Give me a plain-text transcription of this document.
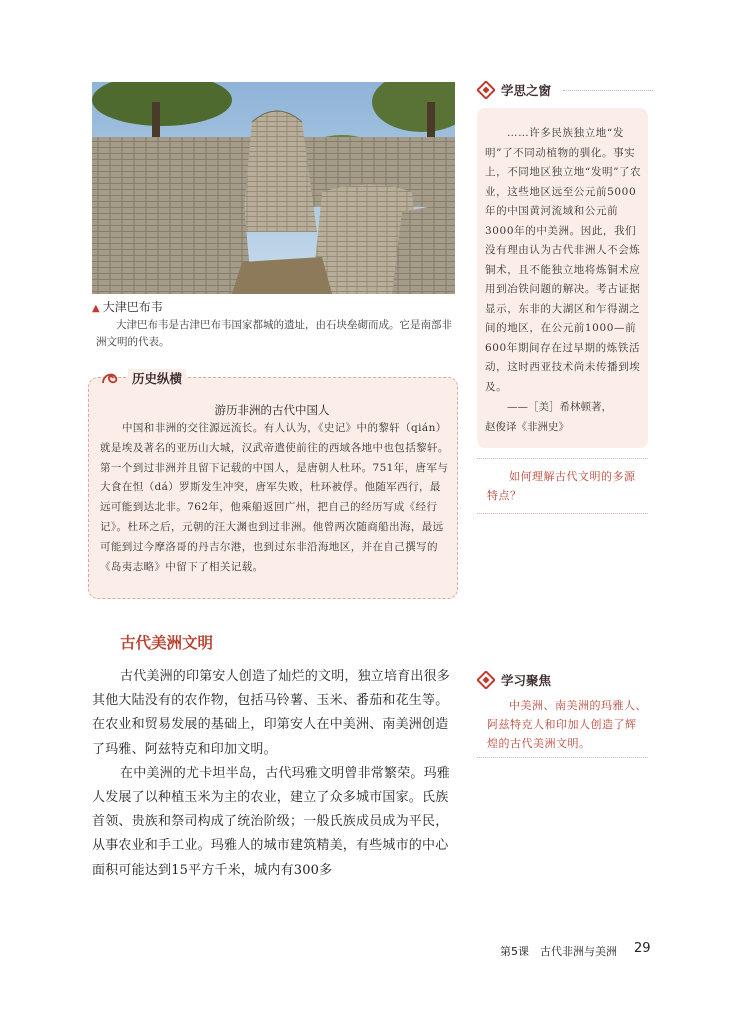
▲ 大津巴布韦
大津巴布韦是古津巴布韦国家都城的遗址，由石块垒砌而成。它是南部非洲文明的代表。
历史纵横
游历非洲的古代中国人

中国和非洲的交往源远流长。有人认为，《史记》中的黎轩（qián）就是埃及著名的亚历山大城，汉武帝遣使前往的西域各地中也包括黎轩。第一个到过非洲并且留下记载的中国人，是唐朝人杜环。751年，唐军与大食在怛（dá）罗斯发生冲突，唐军失败，杜环被俘。他随军西行，最远可能到达北非。762年，他乘船返回广州，把自己的经历写成《经行记》。杜环之后，元朝的汪大渊也到过非洲。他曾两次随商船出海，最远可能到过今摩洛哥的丹吉尔港，也到过东非沿海地区，并在自己撰写的《岛夷志略》中留下了相关记载。

古代美洲文明

古代美洲的印第安人创造了灿烂的文明，独立培育出很多其他大陆没有的农作物，包括马铃薯、玉米、番茄和花生等。在农业和贸易发展的基础上，印第安人在中美洲、南美洲创造了玛雅、阿兹特克和印加文明。

在中美洲的尤卡坦半岛，古代玛雅文明曾非常繁荣。玛雅人发展了以种植玉米为主的农业，建立了众多城市国家。氏族首领、贵族和祭司构成了统治阶级；一般氏族成员成为平民，从事农业和手工业。玛雅人的城市建筑精美，有些城市的中心面积可能达到15平方千米，城内有300多

学思之窗

……许多民族独立地“发明”了不同动植物的驯化。事实上，不同地区独立地“发明”了农业，这些地区远至公元前5000年的中国黄河流域和公元前3000年的中美洲。因此，我们没有理由认为古代非洲人不会炼铜术，且不能独立地将炼铜术应用到冶铁问题的解决。考古证据显示，东非的大湖区和乍得湖之间的地区，在公元前1000—前600年期间存在过早期的炼铁活动，这时西亚技术尚未传播到埃及。

——［美］希林顿著，
赵俊译《非洲史》
如何理解古代文明的多源特点？
学习聚焦
中美洲、南美洲的玛雅人、阿兹特克人和印加人创造了辉煌的古代美洲文明。
第5课　古代非洲与美洲 29
